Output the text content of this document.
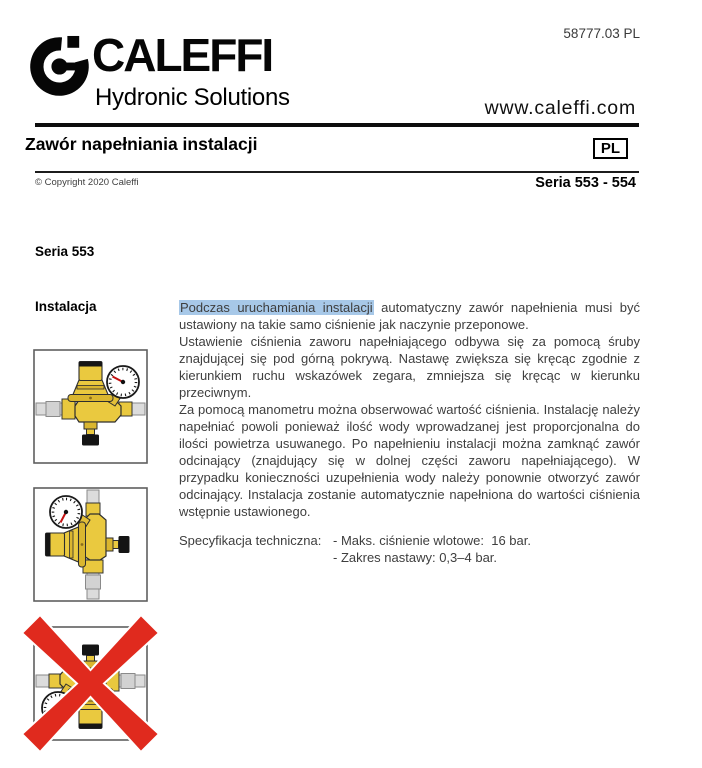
58777.03 PL
CALEFFI
Hydronic Solutions	www.caleffi.com
Zawór napełniania instalacji	PL
© Copyright 2020 Caleffi	Seria 553 - 554
Seria 553
Instalacja	Podczas uruchamiania instalacji automatyczny zawór napełnienia musi być ustawiony na takie samo ciśnienie jak naczynie przeponowe.

Ustawienie ciśnienia zaworu napełniającego odbywa się za pomocą śruby znajdującej się pod górną pokrywą. Nastawę zwiększa się kręcąc zgodnie z kierunkiem ruchu wskazówek zegara, zmniejsza się kręcąc w kierunku przeciwnym.

Za pomocą manometru można obserwować wartość ciśnienia. Instalację należy napełniać powoli ponieważ ilość wody wprowadzanej jest proporcjonalna do ilości powietrza usuwanego. Po napełnieniu instalacji można zamknąć zawór odcinający (znajdujący się w dolnej części zaworu napełniającego). W przypadku konieczności uzupełnienia wody należy ponownie otworzyć zawór odcinający. Instalacja zostanie automatycznie napełniona do wartości ciśnienia wstępnie ustawionego.

Specyfikacja techniczna: - Maks. ciśnienie wlotowe:  16 bar.
- Zakres nastawy: 0,3–4 bar.
